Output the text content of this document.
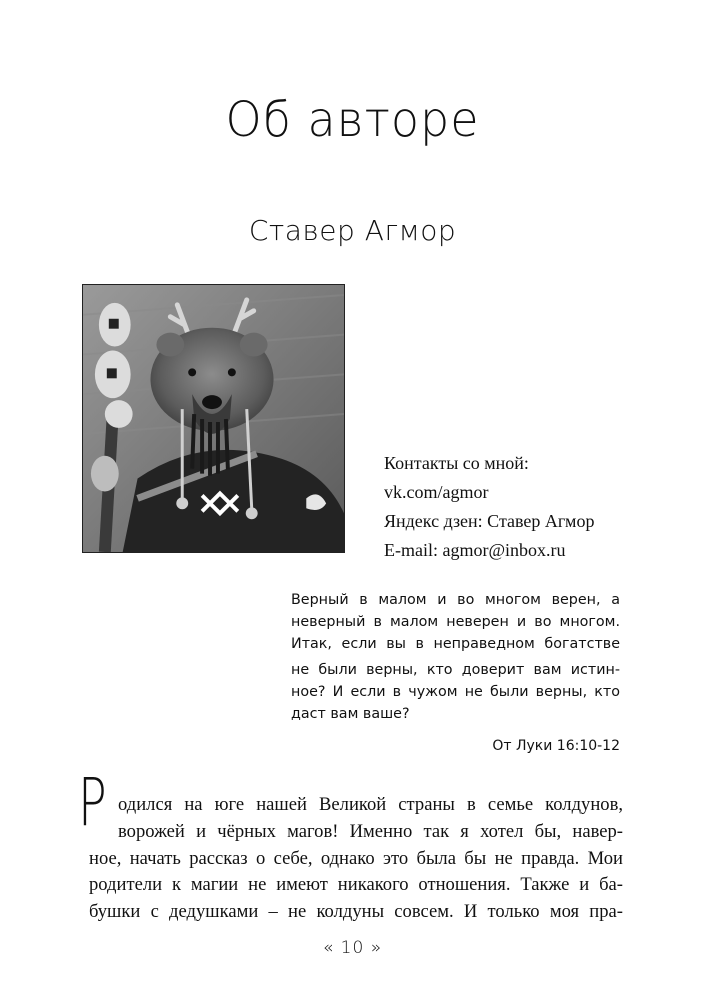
Об авторе
Ставер Агмор
Контакты со мной:
vk.com/agmor
Яндекс дзен: Ставер Агмор
E-mail: agmor@inbox.ru
Верный в малом и во многом верен, а
неверный в малом неверен и во многом.
Итак, если вы в неправедном богатстве
не были верны, кто доверит вам истин-
ное? И если в чужом не были верны, кто
даст вам ваше?
От Луки 16:10-12
Р одился на юге нашей Великой страны в семье колдунов,
ворожей и чёрных магов! Именно так я хотел бы, навер-
ное, начать рассказ о себе, однако это была бы не правда. Мои
родители к магии не имеют никакого отношения. Также и ба-
бушки с дедушками – не колдуны совсем. И только моя пра-
« 10 »
